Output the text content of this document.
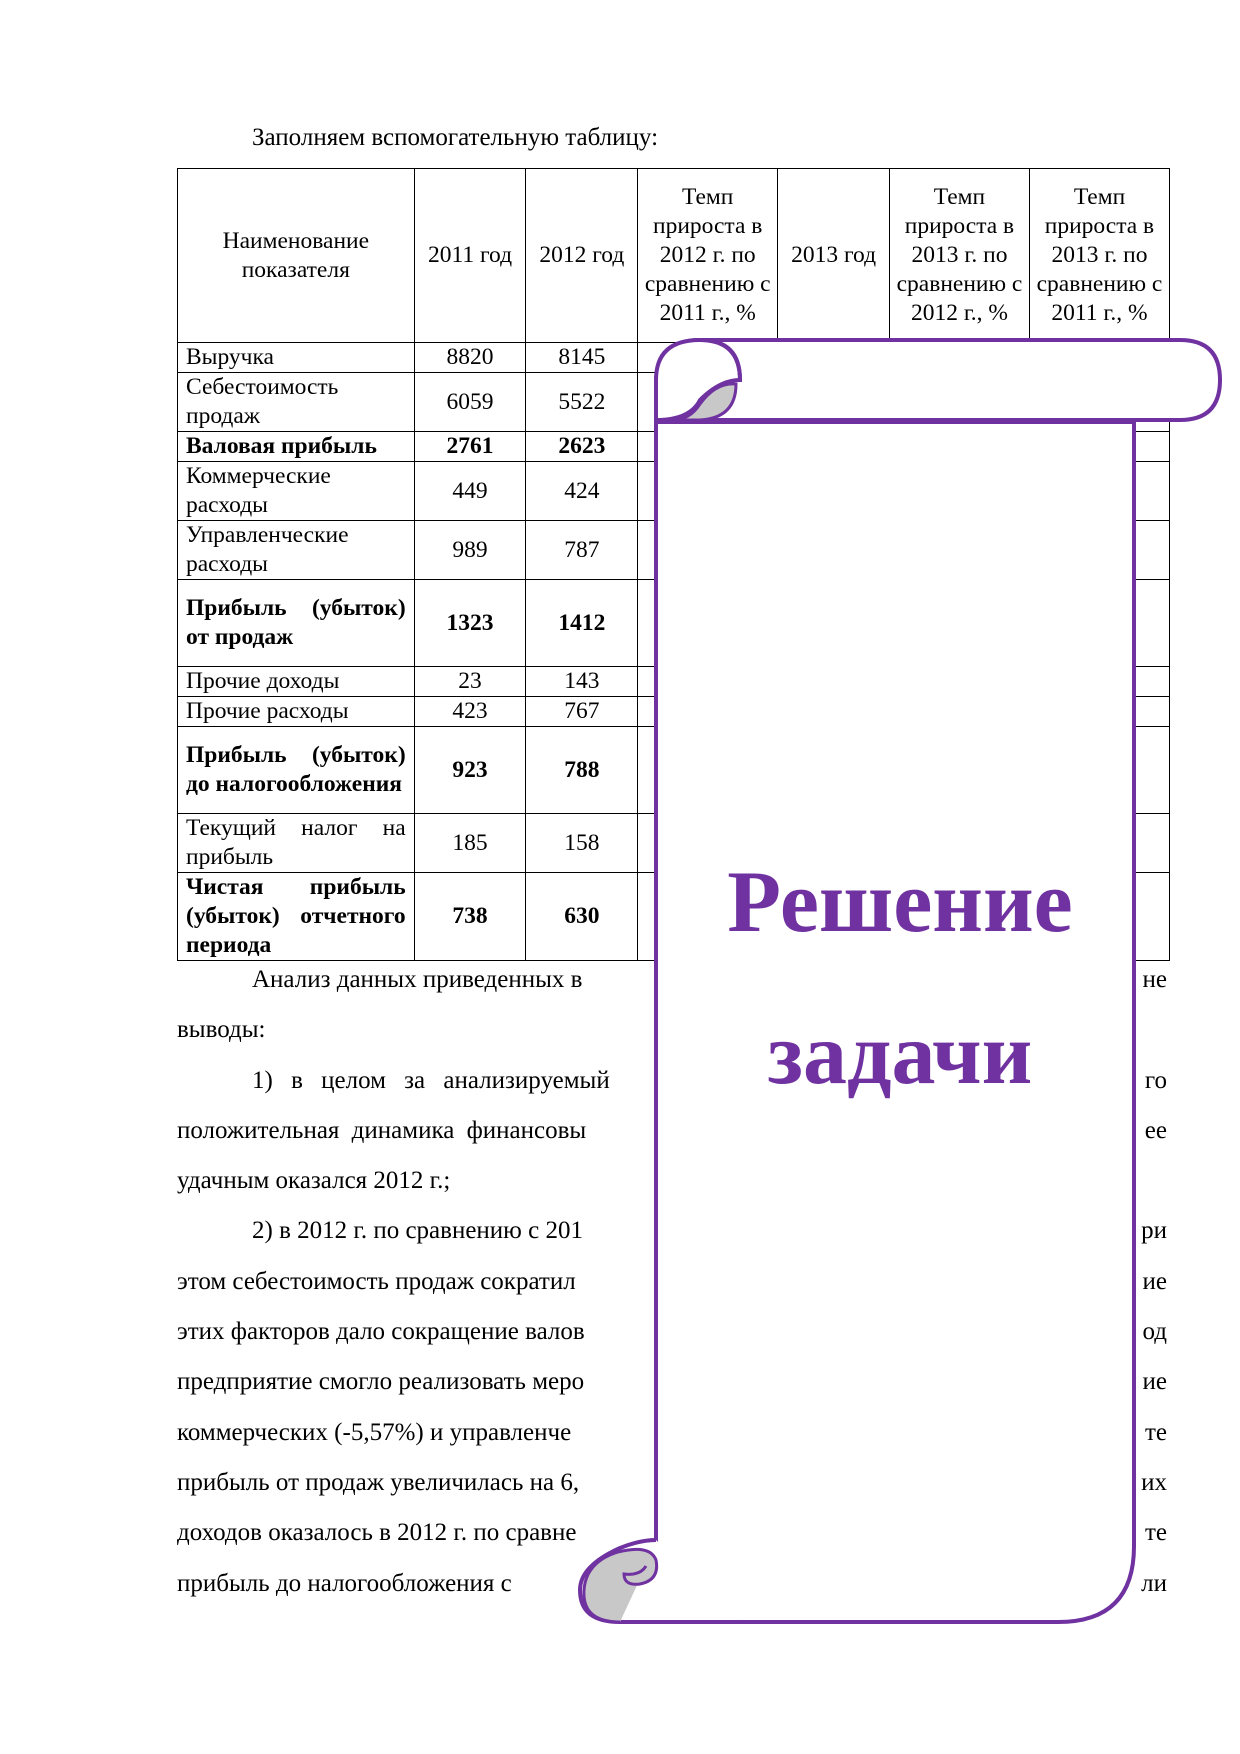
Заполняем вспомогательную таблицу:
Наименование показателя	2011 год	2012 год	Темп прироста в 2012 г. по сравнению с 2011 г., %	2013 год	Темп прироста в 2013 г. по сравнению с 2012 г., %	Темп прироста в 2013 г. по сравнению с 2011 г., %
Выручка	8820	8145				
Себестоимость продаж	6059	5522				
Валовая прибыль	2761	2623				
Коммерческие расходы	449	424				
Управленческие расходы	989	787				
Прибыль (убыток) от продаж	1323	1412				
Прочие доходы	23	143				
Прочие расходы	423	767				
Прибыль (убыток) до налогообложения	923	788				
Текущий налог на прибыль	185	158				
Чистая прибыль (убыток) отчетного периода	738	630				
Анализ данных приведенных в	не
выводы:
1) в целом за анализируемый	го
положительная динамика финансовы	ее
удачным оказался 2012 г.;
2) в 2012 г. по сравнению с 201	ри
этом себестоимость продаж сократил	ие
этих факторов дало сокращение валов	од
предприятие смогло реализовать меро	ие
коммерческих (-5,57%) и управленче	те
прибыль от продаж увеличилась на 6,	их
доходов оказалось в 2012 г. по сравне	те
прибыль до налогообложения с	ли
Решение
задачи
